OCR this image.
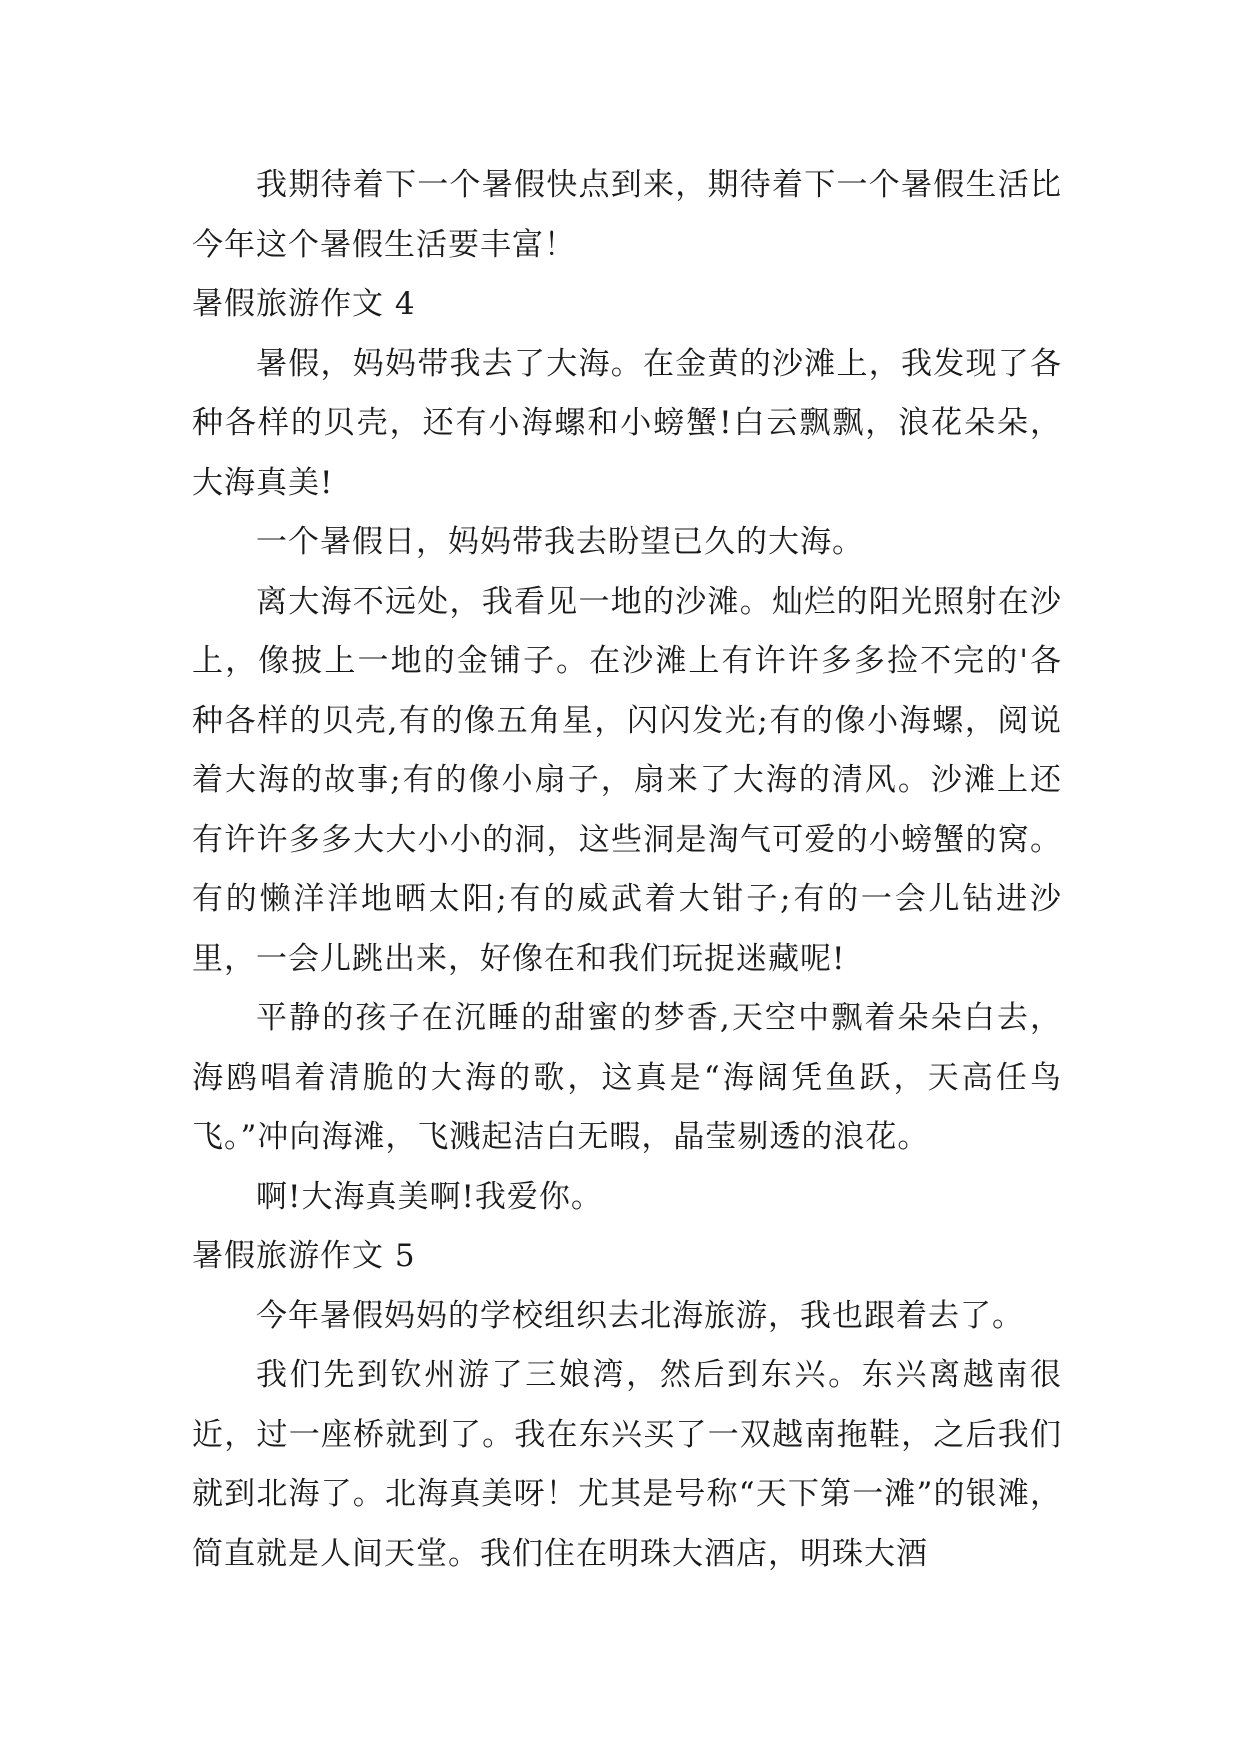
我期待着下一个暑假快点到来，期待着下一个暑假生活比今年这个暑假生活要丰富！

暑假旅游作文 4

暑假，妈妈带我去了大海。在金黄的沙滩上，我发现了各种各样的贝壳，还有小海螺和小螃蟹!白云飘飘，浪花朵朵，大海真美!

一个暑假日，妈妈带我去盼望已久的大海。

离大海不远处，我看见一地的沙滩。灿烂的阳光照射在沙上，像披上一地的金铺子。在沙滩上有许许多多捡不完的'各种各样的贝壳,有的像五角星，闪闪发光;有的像小海螺，阅说着大海的故事;有的像小扇子，扇来了大海的清风。沙滩上还有许许多多大大小小的洞，这些洞是淘气可爱的小螃蟹的窝。有的懒洋洋地晒太阳;有的威武着大钳子;有的一会儿钻进沙里，一会儿跳出来，好像在和我们玩捉迷藏呢!

平静的孩子在沉睡的甜蜜的梦香,天空中飘着朵朵白去，海鸥唱着清脆的大海的歌，这真是“海阔凭鱼跃，天高任鸟飞。”冲向海滩，飞溅起洁白无暇，晶莹剔透的浪花。

啊!大海真美啊!我爱你。

暑假旅游作文 5

今年暑假妈妈的学校组织去北海旅游，我也跟着去了。

我们先到钦州游了三娘湾，然后到东兴。东兴离越南很近，过一座桥就到了。我在东兴买了一双越南拖鞋，之后我们就到北海了。北海真美呀！尤其是号称“天下第一滩”的银滩，简直就是人间天堂。我们住在明珠大酒店，明珠大酒
